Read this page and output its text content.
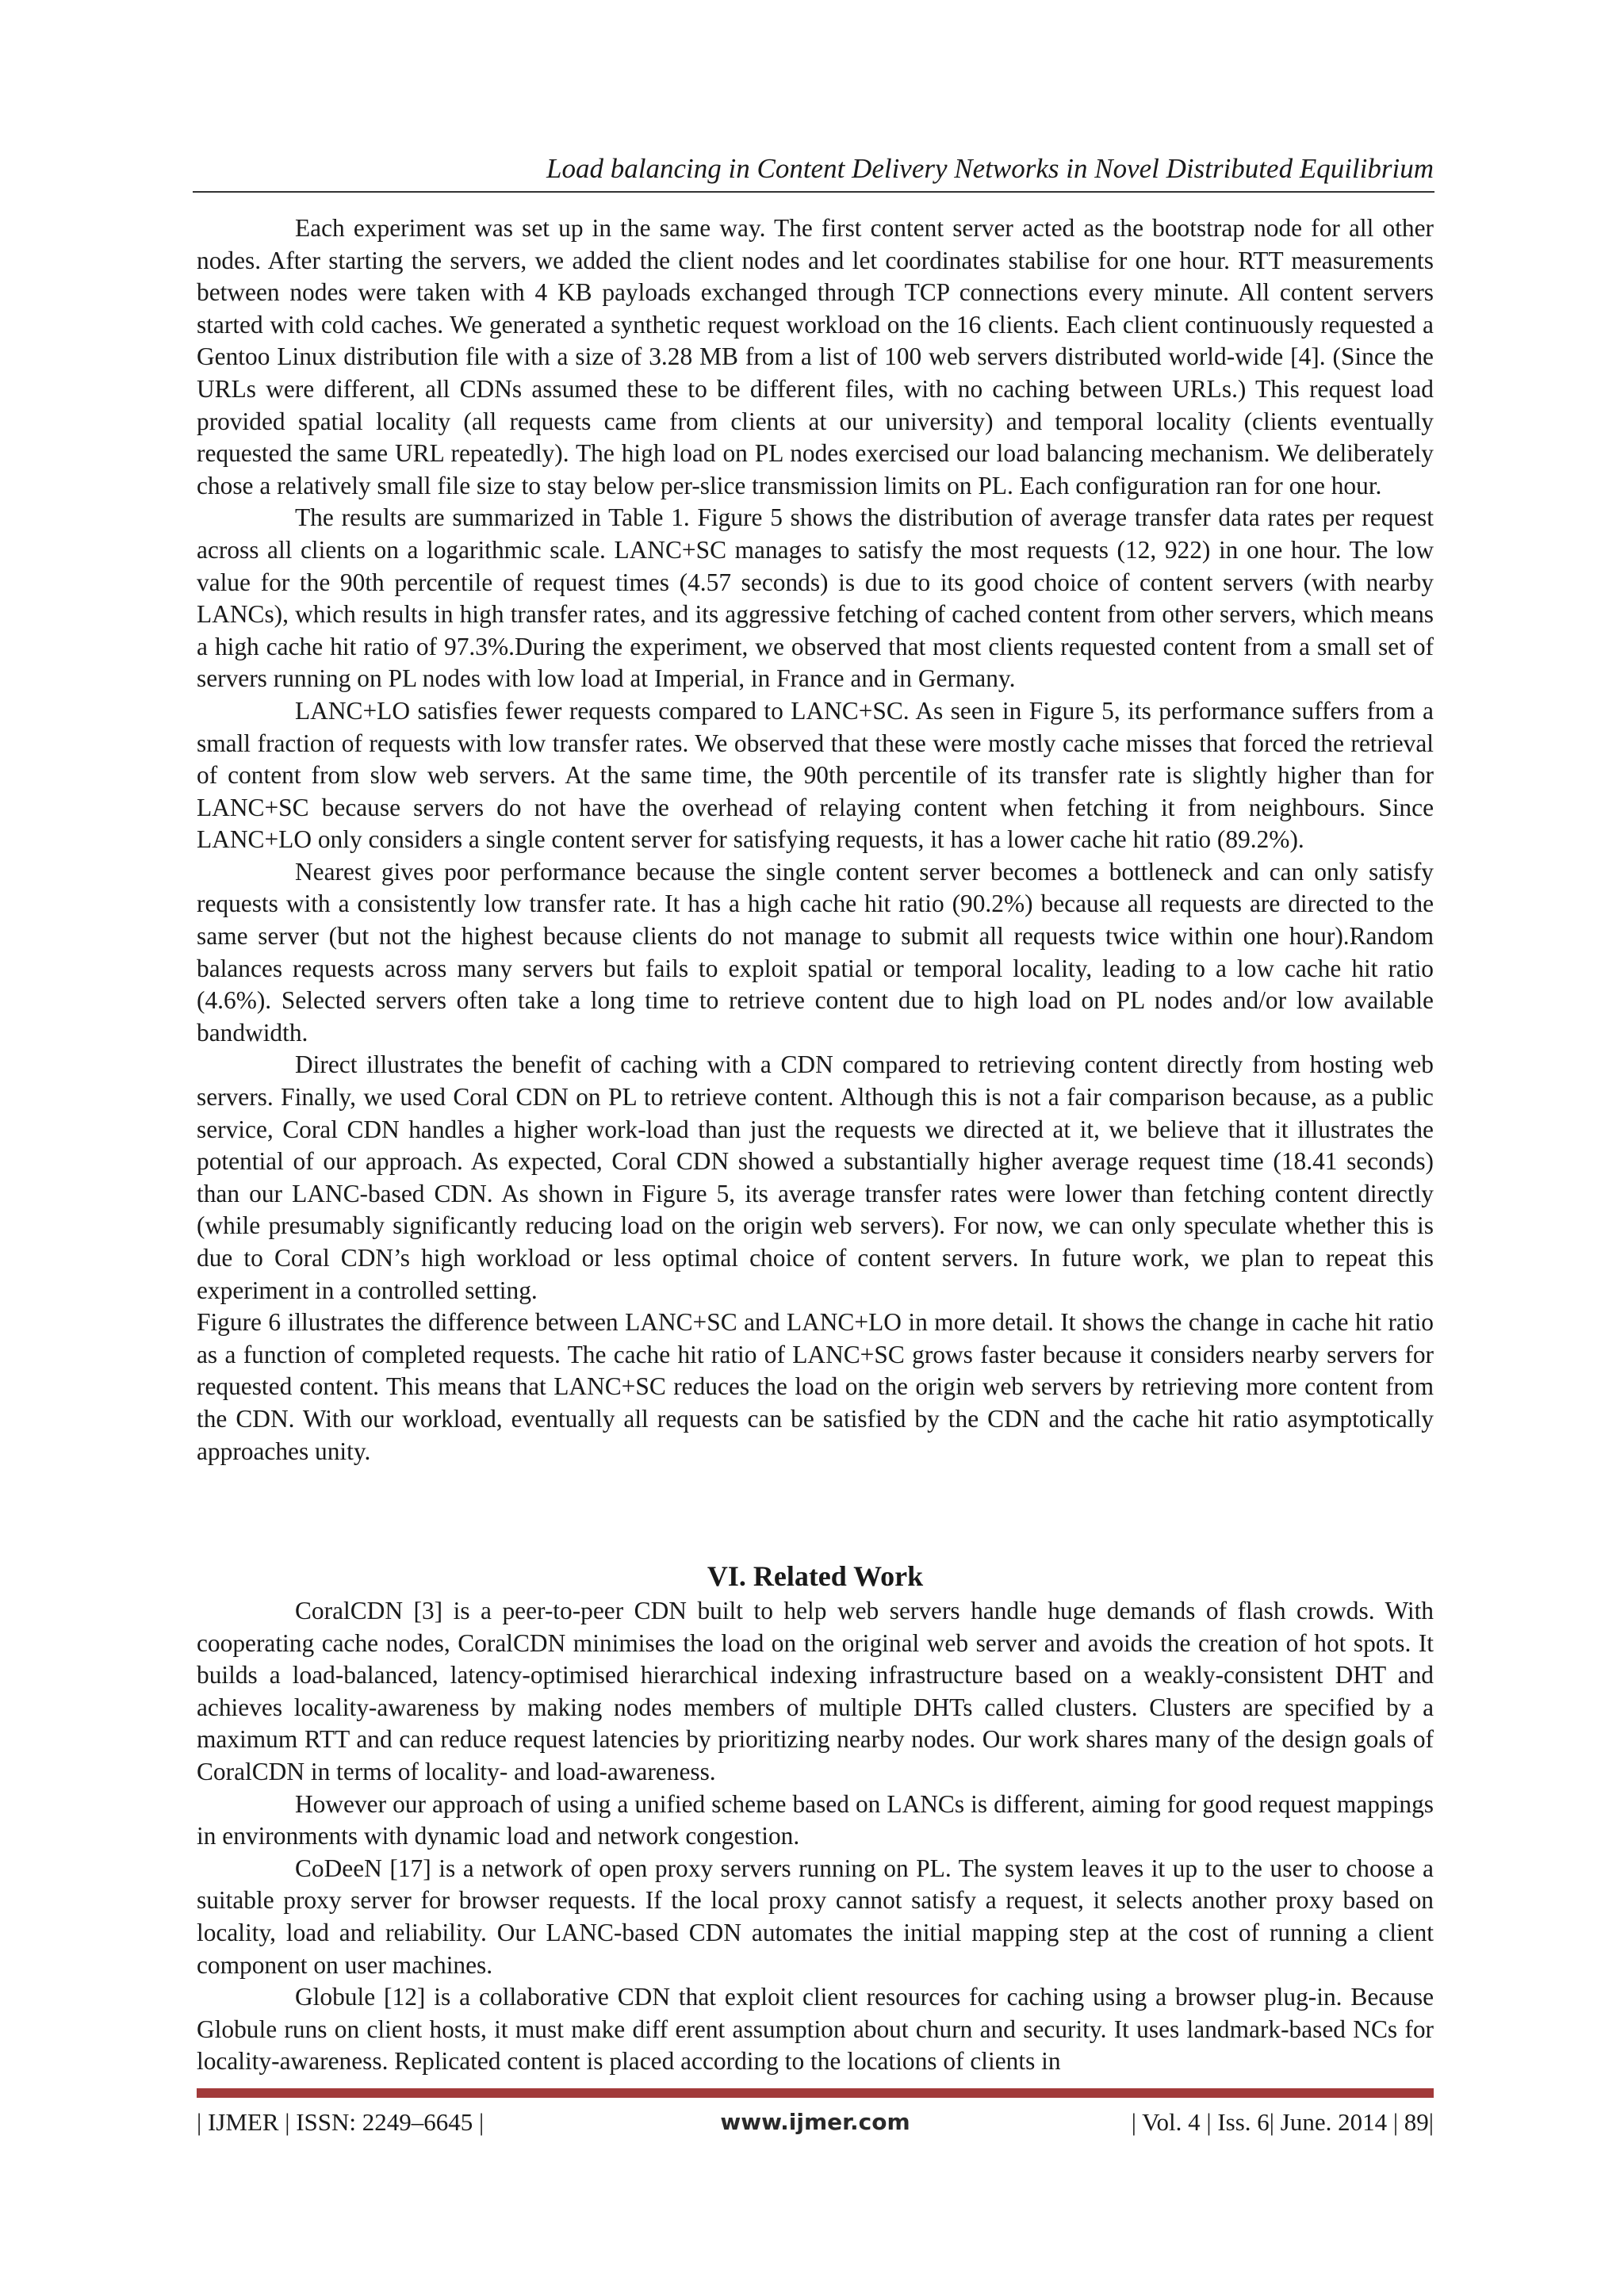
Load balancing in Content Delivery Networks in Novel Distributed Equilibrium

Each experiment was set up in the same way. The first content server acted as the bootstrap node for all other nodes. After starting the servers, we added the client nodes and let coordinates stabilise for one hour. RTT measurements between nodes were taken with 4 KB payloads exchanged through TCP connections every minute. All content servers started with cold caches. We generated a synthetic request workload on the 16 clients. Each client continuously requested a Gentoo Linux distribution file with a size of 3.28 MB from a list of 100 web servers distributed world-wide [4]. (Since the URLs were different, all CDNs assumed these to be different files, with no caching between URLs.) This request load provided spatial locality (all requests came from clients at our university) and temporal locality (clients eventually requested the same URL repeatedly). The high load on PL nodes exercised our load balancing mechanism. We deliberately chose a relatively small file size to stay below per-slice transmission limits on PL. Each configuration ran for one hour.

The results are summarized in Table 1. Figure 5 shows the distribution of average transfer data rates per request across all clients on a logarithmic scale. LANC+SC manages to satisfy the most requests (12, 922) in one hour. The low value for the 90th percentile of request times (4.57 seconds) is due to its good choice of content servers (with nearby LANCs), which results in high transfer rates, and its aggressive fetching of cached content from other servers, which means a high cache hit ratio of 97.3%.During the experiment, we observed that most clients requested content from a small set of servers running on PL nodes with low load at Imperial, in France and in Germany.

LANC+LO satisfies fewer requests compared to LANC+SC. As seen in Figure 5, its performance suffers from a small fraction of requests with low transfer rates. We observed that these were mostly cache misses that forced the retrieval of content from slow web servers. At the same time, the 90th percentile of its transfer rate is slightly higher than for LANC+SC because servers do not have the overhead of relaying content when fetching it from neighbours. Since LANC+LO only considers a single content server for satisfying requests, it has a lower cache hit ratio (89.2%).

Nearest gives poor performance because the single content server becomes a bottleneck and can only satisfy requests with a consistently low transfer rate. It has a high cache hit ratio (90.2%) because all requests are directed to the same server (but not the highest because clients do not manage to submit all requests twice within one hour).Random balances requests across many servers but fails to exploit spatial or temporal locality, leading to a low cache hit ratio (4.6%). Selected servers often take a long time to retrieve content due to high load on PL nodes and/or low available bandwidth.

Direct illustrates the benefit of caching with a CDN compared to retrieving content directly from hosting web servers. Finally, we used Coral CDN on PL to retrieve content. Although this is not a fair comparison because, as a public service, Coral CDN handles a higher work-load than just the requests we directed at it, we believe that it illustrates the potential of our approach. As expected, Coral CDN showed a substantially higher average request time (18.41 seconds) than our LANC-based CDN. As shown in Figure 5, its average transfer rates were lower than fetching content directly (while presumably significantly reducing load on the origin web servers). For now, we can only speculate whether this is due to Coral CDN’s high workload or less optimal choice of content servers. In future work, we plan to repeat this experiment in a controlled setting.

Figure 6 illustrates the difference between LANC+SC and LANC+LO in more detail. It shows the change in cache hit ratio as a function of completed requests. The cache hit ratio of LANC+SC grows faster because it considers nearby servers for requested content. This means that LANC+SC reduces the load on the origin web servers by retrieving more content from the CDN. With our workload, eventually all requests can be satisfied by the CDN and the cache hit ratio asymptotically approaches unity.

VI. Related Work

CoralCDN [3] is a peer-to-peer CDN built to help web servers handle huge demands of flash crowds. With cooperating cache nodes, CoralCDN minimises the load on the original web server and avoids the creation of hot spots. It builds a load-balanced, latency-optimised hierarchical indexing infrastructure based on a weakly-consistent DHT and achieves locality-awareness by making nodes members of multiple DHTs called clusters. Clusters are specified by a maximum RTT and can reduce request latencies by prioritizing nearby nodes. Our work shares many of the design goals of CoralCDN in terms of locality- and load-awareness.

However our approach of using a unified scheme based on LANCs is different, aiming for good request mappings in environments with dynamic load and network congestion.

CoDeeN [17] is a network of open proxy servers running on PL. The system leaves it up to the user to choose a suitable proxy server for browser requests. If the local proxy cannot satisfy a request, it selects another proxy based on locality, load and reliability. Our LANC-based CDN automates the initial mapping step at the cost of running a client component on user machines.

Globule [12] is a collaborative CDN that exploit client resources for caching using a browser plug-in. Because Globule runs on client hosts, it must make diff erent assumption about churn and security. It uses landmark-based NCs for locality-awareness. Replicated content is placed according to the locations of clients in

| IJMER | ISSN: 2249–6645 |	www.ijmer.com	| Vol. 4 | Iss. 6| June. 2014 | 89|
